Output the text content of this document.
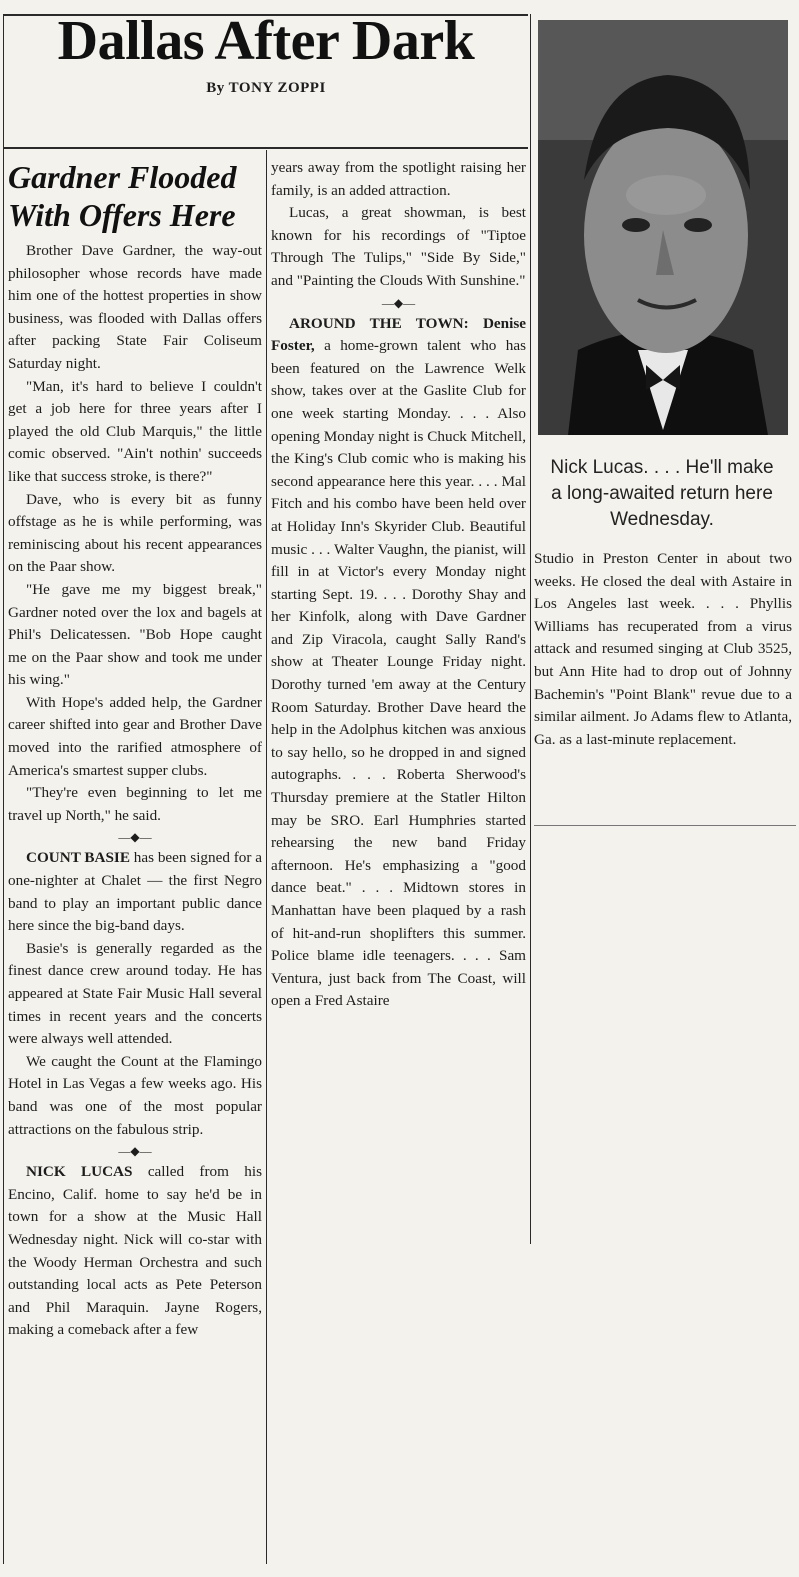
Dallas After Dark
By TONY ZOPPI
Gardner Flooded
With Offers Here

Brother Dave Gardner, the way-out philosopher whose records have made him one of the hottest properties in show business, was flooded with Dallas offers after packing State Fair Coliseum Saturday night.

"Man, it's hard to believe I couldn't get a job here for three years after I played the old Club Marquis," the little comic observed. "Ain't nothin' succeeds like that success stroke, is there?"

Dave, who is every bit as funny offstage as he is while performing, was reminiscing about his recent appearances on the Paar show.

"He gave me my biggest break," Gardner noted over the lox and bagels at Phil's Delicatessen. "Bob Hope caught me on the Paar show and took me under his wing."

With Hope's added help, the Gardner career shifted into gear and Brother Dave moved into the rarified atmosphere of America's smartest supper clubs.

"They're even beginning to let me travel up North," he said.

—◆—

COUNT BASIE has been signed for a one-nighter at Chalet — the first Negro band to play an important public dance here since the big-band days.

Basie's is generally regarded as the finest dance crew around today. He has appeared at State Fair Music Hall several times in recent years and the concerts were always well attended.

We caught the Count at the Flamingo Hotel in Las Vegas a few weeks ago. His band was one of the most popular attractions on the fabulous strip.

—◆—

NICK LUCAS called from his Encino, Calif. home to say he'd be in town for a show at the Music Hall Wednesday night. Nick will co-star with the Woody Herman Orchestra and such outstanding local acts as Pete Peterson and Phil Maraquin. Jayne Rogers, making a comeback after a few

years away from the spotlight raising her family, is an added attraction.

Lucas, a great showman, is best known for his recordings of "Tiptoe Through The Tulips," "Side By Side," and "Painting the Clouds With Sunshine."

—◆—

AROUND THE TOWN: Denise Foster, a home-grown talent who has been featured on the Lawrence Welk show, takes over at the Gaslite Club for one week starting Monday. . . . Also opening Monday night is Chuck Mitchell, the King's Club comic who is making his second appearance here this year. . . . Mal Fitch and his combo have been held over at Holiday Inn's Skyrider Club. Beautiful music . . . Walter Vaughn, the pianist, will fill in at Victor's every Monday night starting Sept. 19. . . . Dorothy Shay and her Kinfolk, along with Dave Gardner and Zip Viracola, caught Sally Rand's show at Theater Lounge Friday night. Dorothy turned 'em away at the Century Room Saturday. Brother Dave heard the help in the Adolphus kitchen was anxious to say hello, so he dropped in and signed autographs. . . . Roberta Sherwood's Thursday premiere at the Statler Hilton may be SRO. Earl Humphries started rehearsing the new band Friday afternoon. He's emphasizing a "good dance beat." . . . Midtown stores in Manhattan have been plaqued by a rash of hit-and-run shoplifters this summer. Police blame idle teenagers. . . . Sam Ventura, just back from The Coast, will open a Fred Astaire

Nick Lucas. . . . He'll make a long-awaited return here Wednesday.

Studio in Preston Center in about two weeks. He closed the deal with Astaire in Los Angeles last week. . . . Phyllis Williams has recuperated from a virus attack and resumed singing at Club 3525, but Ann Hite had to drop out of Johnny Bachemin's "Point Blank" revue due to a similar ailment. Jo Adams flew to Atlanta, Ga. as a last-minute replacement.
